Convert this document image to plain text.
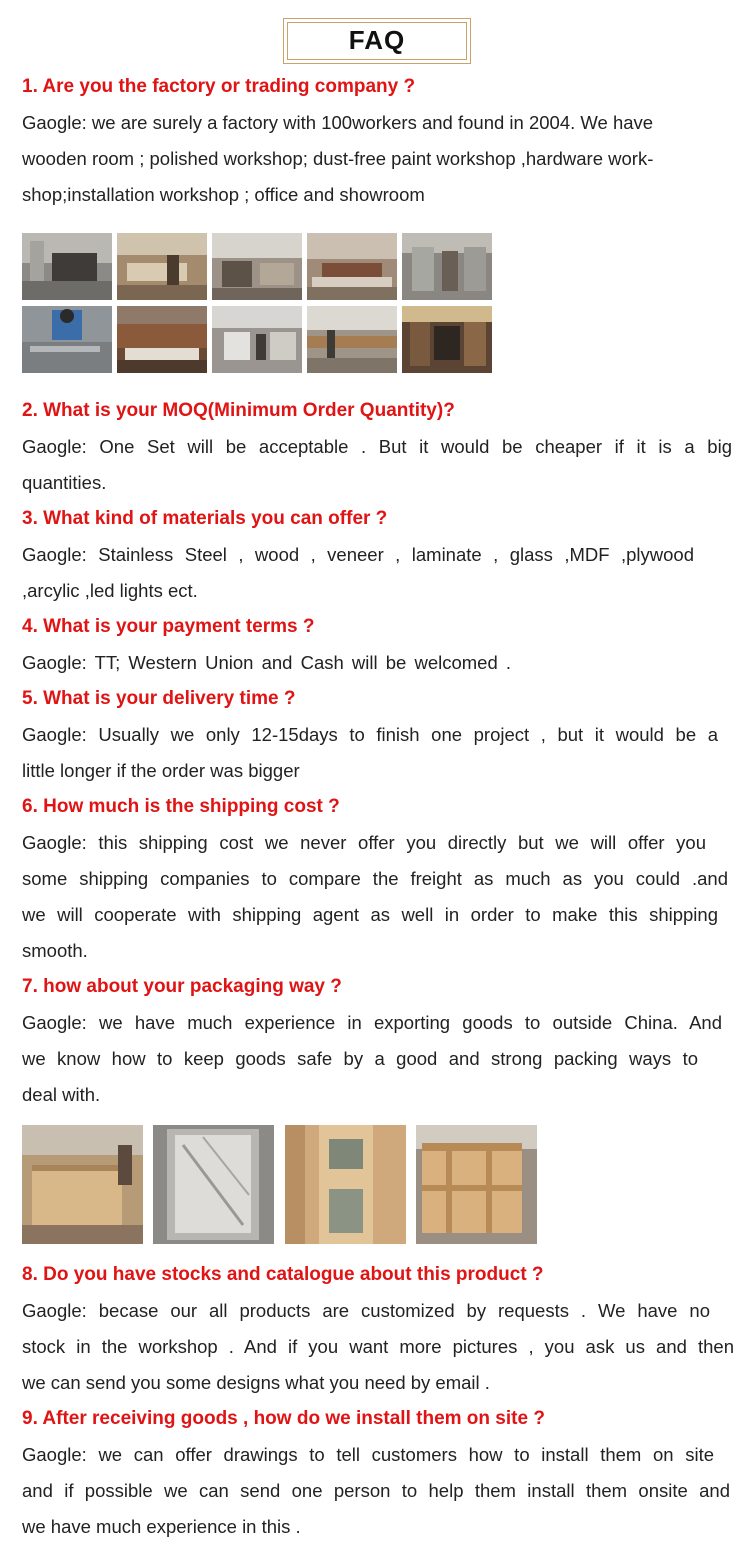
FAQ
1. Are you the factory or trading company ?
Gaogle: we are surely a factory with 100workers and found in 2004. We have
wooden room ; polished workshop; dust-free paint workshop ,hardware work-
shop;installation workshop ; office and showroom
2. What is your MOQ(Minimum Order Quantity)?
Gaogle: One Set will be acceptable . But it would be cheaper if it is a big
quantities.
3. What kind of materials you can offer ?
Gaogle: Stainless Steel , wood , veneer , laminate , glass ,MDF ,plywood
,arcylic ,led lights ect.
4. What is your payment terms ?
Gaogle: TT; Western Union and Cash will be welcomed .
5. What is your delivery time ?
Gaogle: Usually we only 12-15days to finish one project , but it would be a
little longer if the order was bigger
6. How much is the shipping cost ?
Gaogle: this shipping cost we never offer you directly but we will offer you
some shipping companies to compare the freight as much as you could .and
we will cooperate with shipping agent as well in order to make this shipping
smooth.
7. how about your packaging way ?
Gaogle: we have much experience in exporting goods to outside China. And
we know how to keep goods safe by a good and strong packing ways to
deal with.
8. Do you have stocks and catalogue about this product ?
Gaogle: becase our all products are customized by requests . We have no
stock in the workshop . And if you want more pictures , you ask us and then
we can send you some designs what you need by email .
9. After receiving goods , how do we install them on site ?
Gaogle: we can offer drawings to tell customers how to install them on site
and if possible we can send one person to help them install them onsite and
we have much experience in this .
